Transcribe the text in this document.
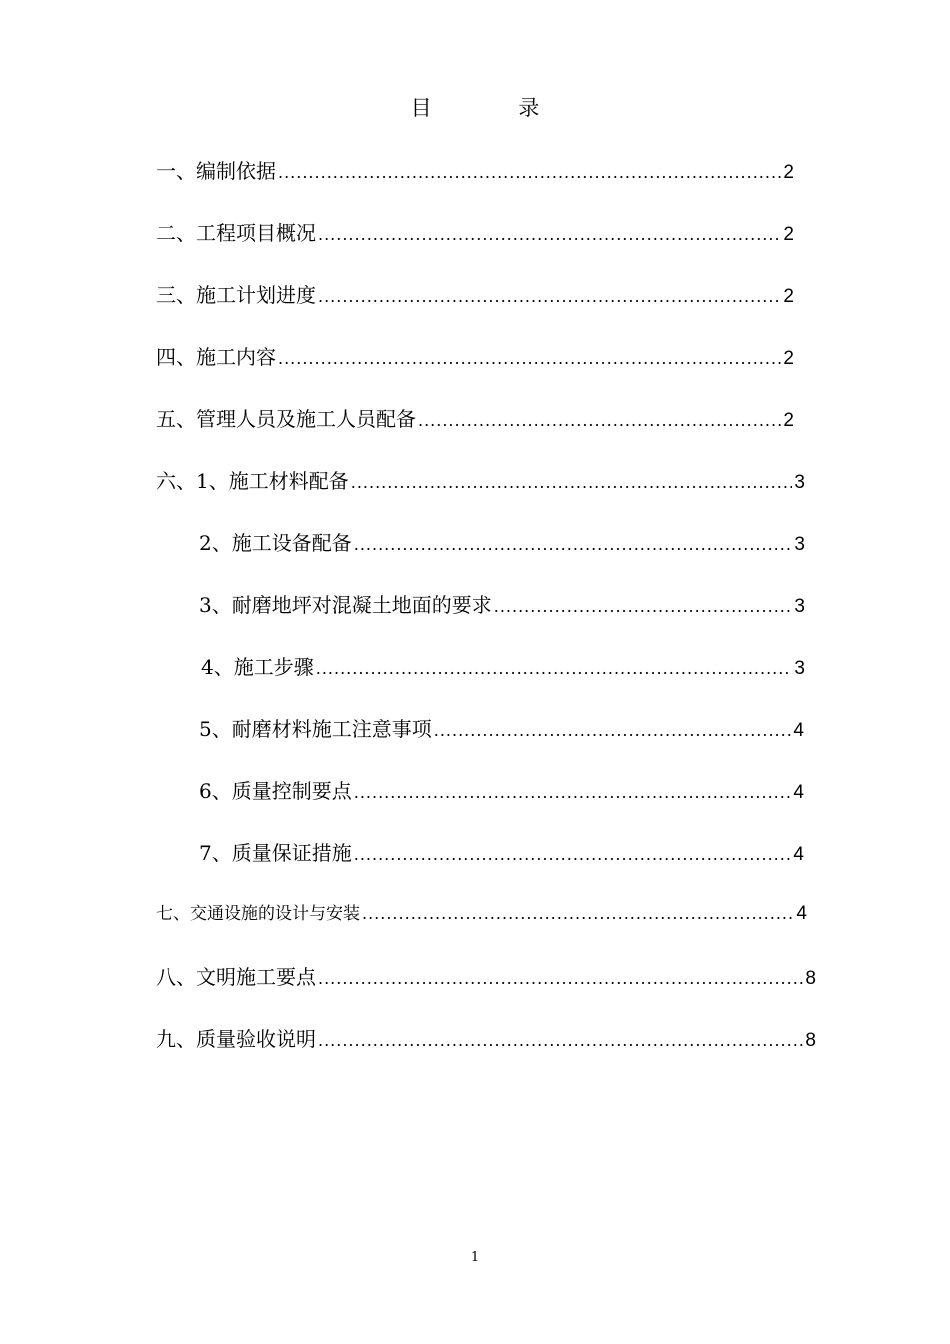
目 录
一、编制依据 .....	2
二、工程项目概况 .....	2
三、施工计划进度 .....	2
四、施工内容 .....	2
五、管理人员及施工人员配备 .....	2
六、1、施工材料配备 .....	3
2、施工设备配备 .....	3
3、耐磨地坪对混凝土地面的要求 .....	3
4、施工步骤 .....	3
5、耐磨材料施工注意事项 .....	4
6、质量控制要点 .....	4
7、质量保证措施 .....	4
七、交通设施的设计与安装 .....	4
八、文明施工要点 .....	8
九、质量验收说明 .....	8
1
